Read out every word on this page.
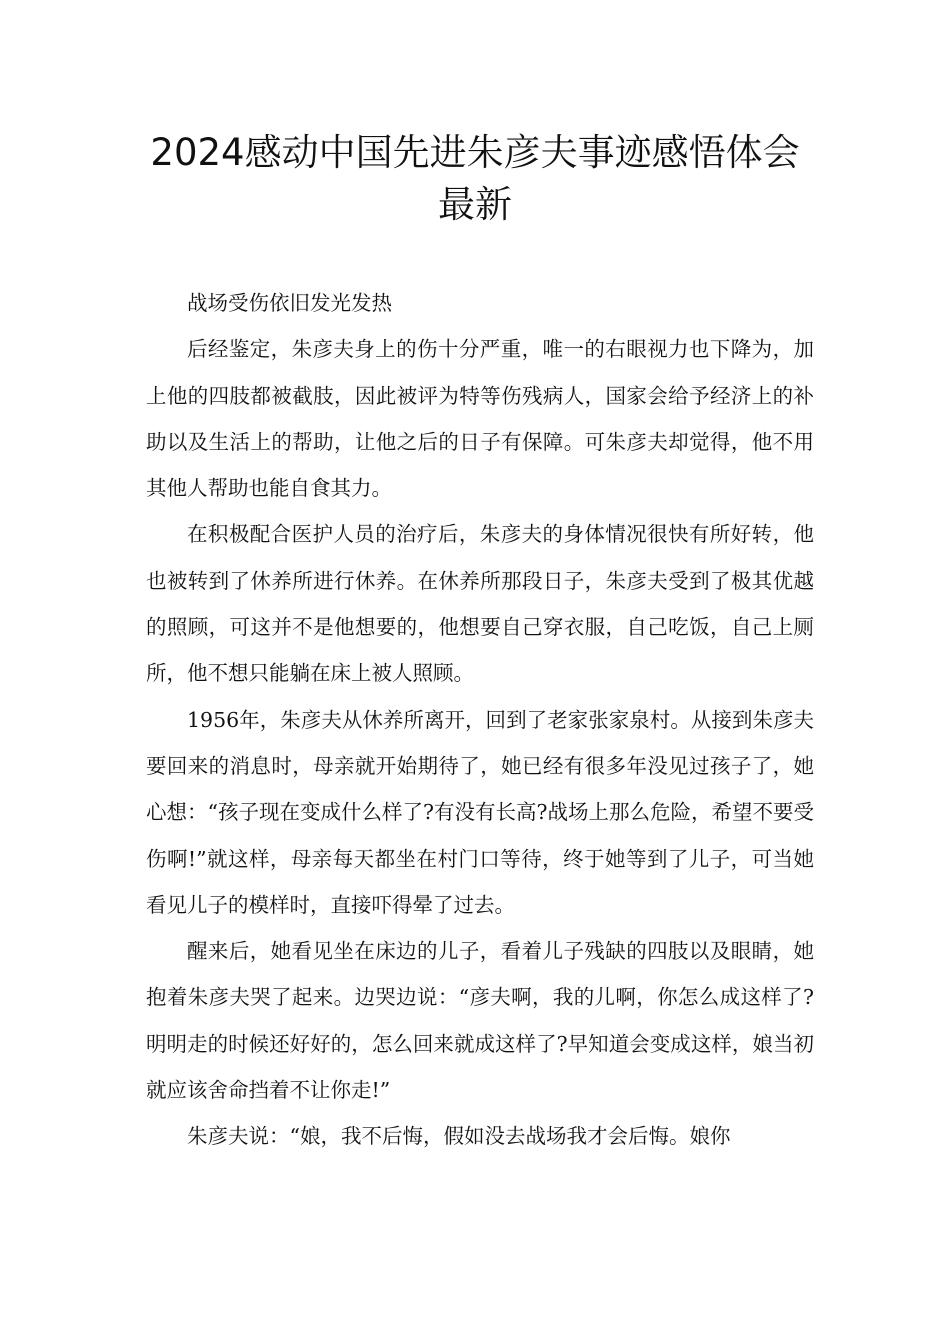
2024感动中国先进朱彦夫事迹感悟体会
最新

战场受伤依旧发光发热

后经鉴定，朱彦夫身上的伤十分严重，唯一的右眼视力也下降为，加上他的四肢都被截肢，因此被评为特等伤残病人，国家会给予经济上的补助以及生活上的帮助，让他之后的日子有保障。可朱彦夫却觉得，他不用其他人帮助也能自食其力。

在积极配合医护人员的治疗后，朱彦夫的身体情况很快有所好转，他也被转到了休养所进行休养。在休养所那段日子，朱彦夫受到了极其优越的照顾，可这并不是他想要的，他想要自己穿衣服，自己吃饭，自己上厕所，他不想只能躺在床上被人照顾。

1956年，朱彦夫从休养所离开，回到了老家张家泉村。从接到朱彦夫要回来的消息时，母亲就开始期待了，她已经有很多年没见过孩子了，她心想：“孩子现在变成什么样了?有没有长高?战场上那么危险，希望不要受伤啊!”就这样，母亲每天都坐在村门口等待，终于她等到了儿子，可当她看见儿子的模样时，直接吓得晕了过去。

醒来后，她看见坐在床边的儿子，看着儿子残缺的四肢以及眼睛，她抱着朱彦夫哭了起来。边哭边说：“彦夫啊，我的儿啊，你怎么成这样了?明明走的时候还好好的，怎么回来就成这样了?早知道会变成这样，娘当初就应该舍命挡着不让你走!”

朱彦夫说：“娘，我不后悔，假如没去战场我才会后悔。娘你
